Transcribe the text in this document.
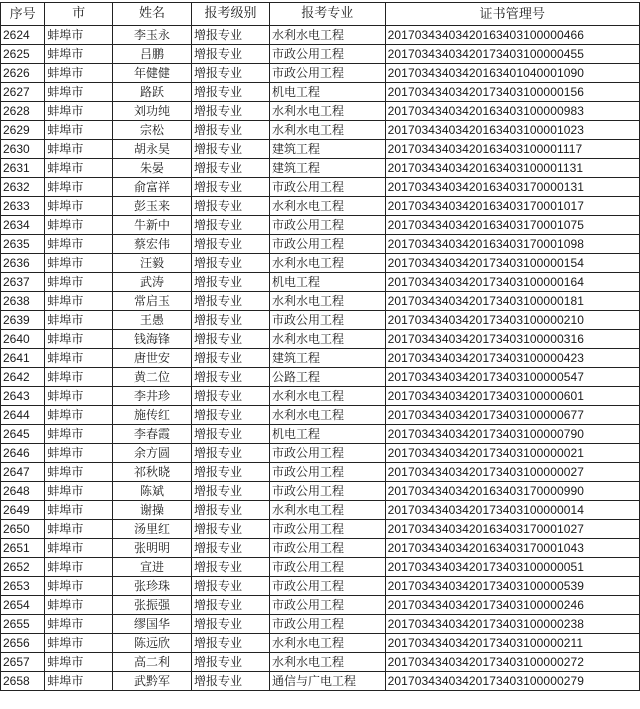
序号	市	姓名	报考级别	报考专业	证书管理号
2624	蚌埠市	李玉永	增报专业	水利水电工程	20170343403420163403100000466
2625	蚌埠市	吕鹏	增报专业	市政公用工程	20170343403420173403100000455
2626	蚌埠市	年健健	增报专业	市政公用工程	20170343403420163401040001090
2627	蚌埠市	路跃	增报专业	机电工程	20170343403420173403100000156
2628	蚌埠市	刘功纯	增报专业	水利水电工程	20170343403420163403100000983
2629	蚌埠市	宗松	增报专业	水利水电工程	20170343403420163403100001023
2630	蚌埠市	胡永昊	增报专业	建筑工程	20170343403420163403100001117
2631	蚌埠市	朱晏	增报专业	建筑工程	20170343403420163403100001131
2632	蚌埠市	俞富祥	增报专业	市政公用工程	20170343403420163403170000131
2633	蚌埠市	彭玉来	增报专业	水利水电工程	20170343403420163403170001017
2634	蚌埠市	牛新中	增报专业	市政公用工程	20170343403420163403170001075
2635	蚌埠市	蔡宏伟	增报专业	市政公用工程	20170343403420163403170001098
2636	蚌埠市	汪毅	增报专业	水利水电工程	20170343403420173403100000154
2637	蚌埠市	武涛	增报专业	机电工程	20170343403420173403100000164
2638	蚌埠市	常启玉	增报专业	水利水电工程	20170343403420173403100000181
2639	蚌埠市	王愚	增报专业	市政公用工程	20170343403420173403100000210
2640	蚌埠市	钱海锋	增报专业	水利水电工程	20170343403420173403100000316
2641	蚌埠市	唐世安	增报专业	建筑工程	20170343403420173403100000423
2642	蚌埠市	黄二位	增报专业	公路工程	20170343403420173403100000547
2643	蚌埠市	李井珍	增报专业	水利水电工程	20170343403420173403100000601
2644	蚌埠市	施传红	增报专业	水利水电工程	20170343403420173403100000677
2645	蚌埠市	李春霞	增报专业	机电工程	20170343403420173403100000790
2646	蚌埠市	余方圆	增报专业	市政公用工程	20170343403420173403100000021
2647	蚌埠市	祁秋晓	增报专业	市政公用工程	20170343403420173403100000027
2648	蚌埠市	陈斌	增报专业	市政公用工程	20170343403420163403170000990
2649	蚌埠市	谢操	增报专业	水利水电工程	20170343403420173403100000014
2650	蚌埠市	汤里红	增报专业	市政公用工程	20170343403420163403170001027
2651	蚌埠市	张明明	增报专业	市政公用工程	20170343403420163403170001043
2652	蚌埠市	宣进	增报专业	市政公用工程	20170343403420173403100000051
2653	蚌埠市	张珍珠	增报专业	市政公用工程	20170343403420173403100000539
2654	蚌埠市	张振强	增报专业	市政公用工程	20170343403420173403100000246
2655	蚌埠市	缪国华	增报专业	市政公用工程	20170343403420173403100000238
2656	蚌埠市	陈远欣	增报专业	水利水电工程	20170343403420173403100000211
2657	蚌埠市	高二利	增报专业	水利水电工程	20170343403420173403100000272
2658	蚌埠市	武黔军	增报专业	通信与广电工程	20170343403420173403100000279
